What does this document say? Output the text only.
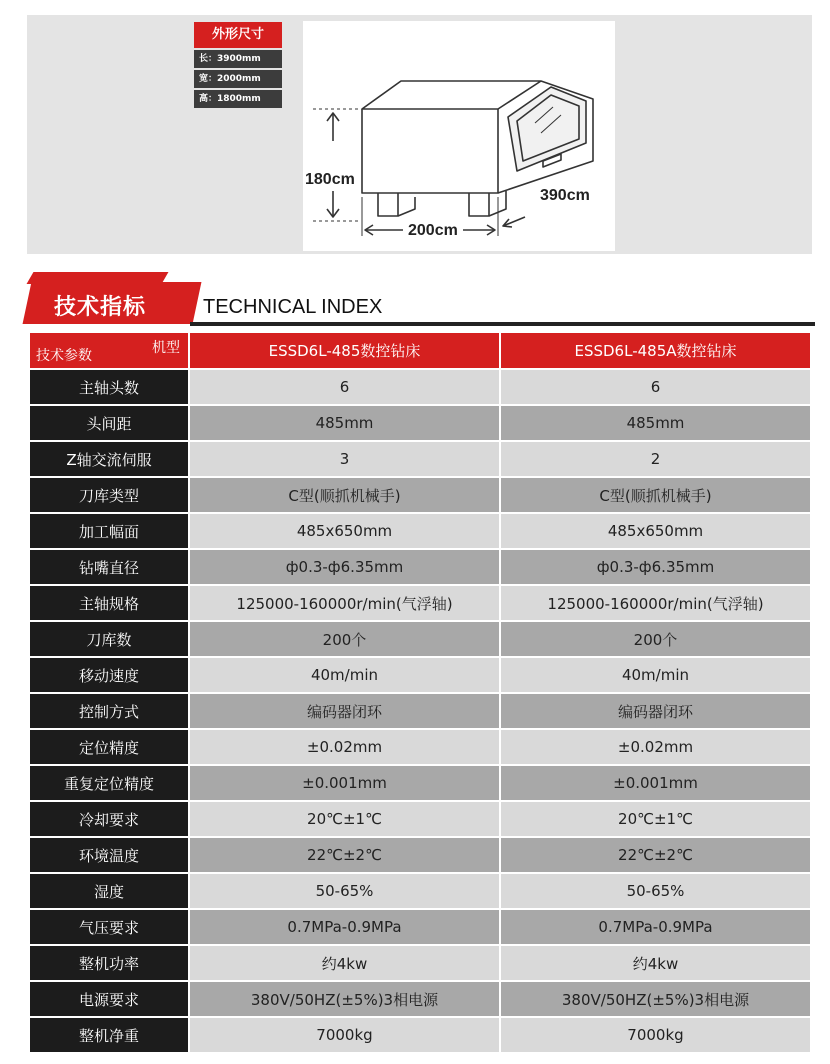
外形尺寸
长：3900mm
宽：2000mm
高：1800mm
180cm
200cm
390cm
技术指标	TECHNICAL INDEX
机型
技术参数	ESSD6L-485数控钻床	ESSD6L-485A数控钻床
主轴头数	6	6
头间距	485mm	485mm
Z轴交流伺服	3	2
刀库类型	C型(顺抓机械手)	C型(顺抓机械手)
加工幅面	485x650mm	485x650mm
钻嘴直径	ф0.3-ф6.35mm	ф0.3-ф6.35mm
主轴规格	125000-160000r/min(气浮轴)	125000-160000r/min(气浮轴)
刀库数	200个	200个
移动速度	40m/min	40m/min
控制方式	编码器闭环	编码器闭环
定位精度	±0.02mm	±0.02mm
重复定位精度	±0.001mm	±0.001mm
冷却要求	20℃±1℃	20℃±1℃
环境温度	22℃±2℃	22℃±2℃
湿度	50-65%	50-65%
气压要求	0.7MPa-0.9MPa	0.7MPa-0.9MPa
整机功率	约4kw	约4kw
电源要求	380V/50HZ(±5%)3相电源	380V/50HZ(±5%)3相电源
整机净重	7000kg	7000kg
